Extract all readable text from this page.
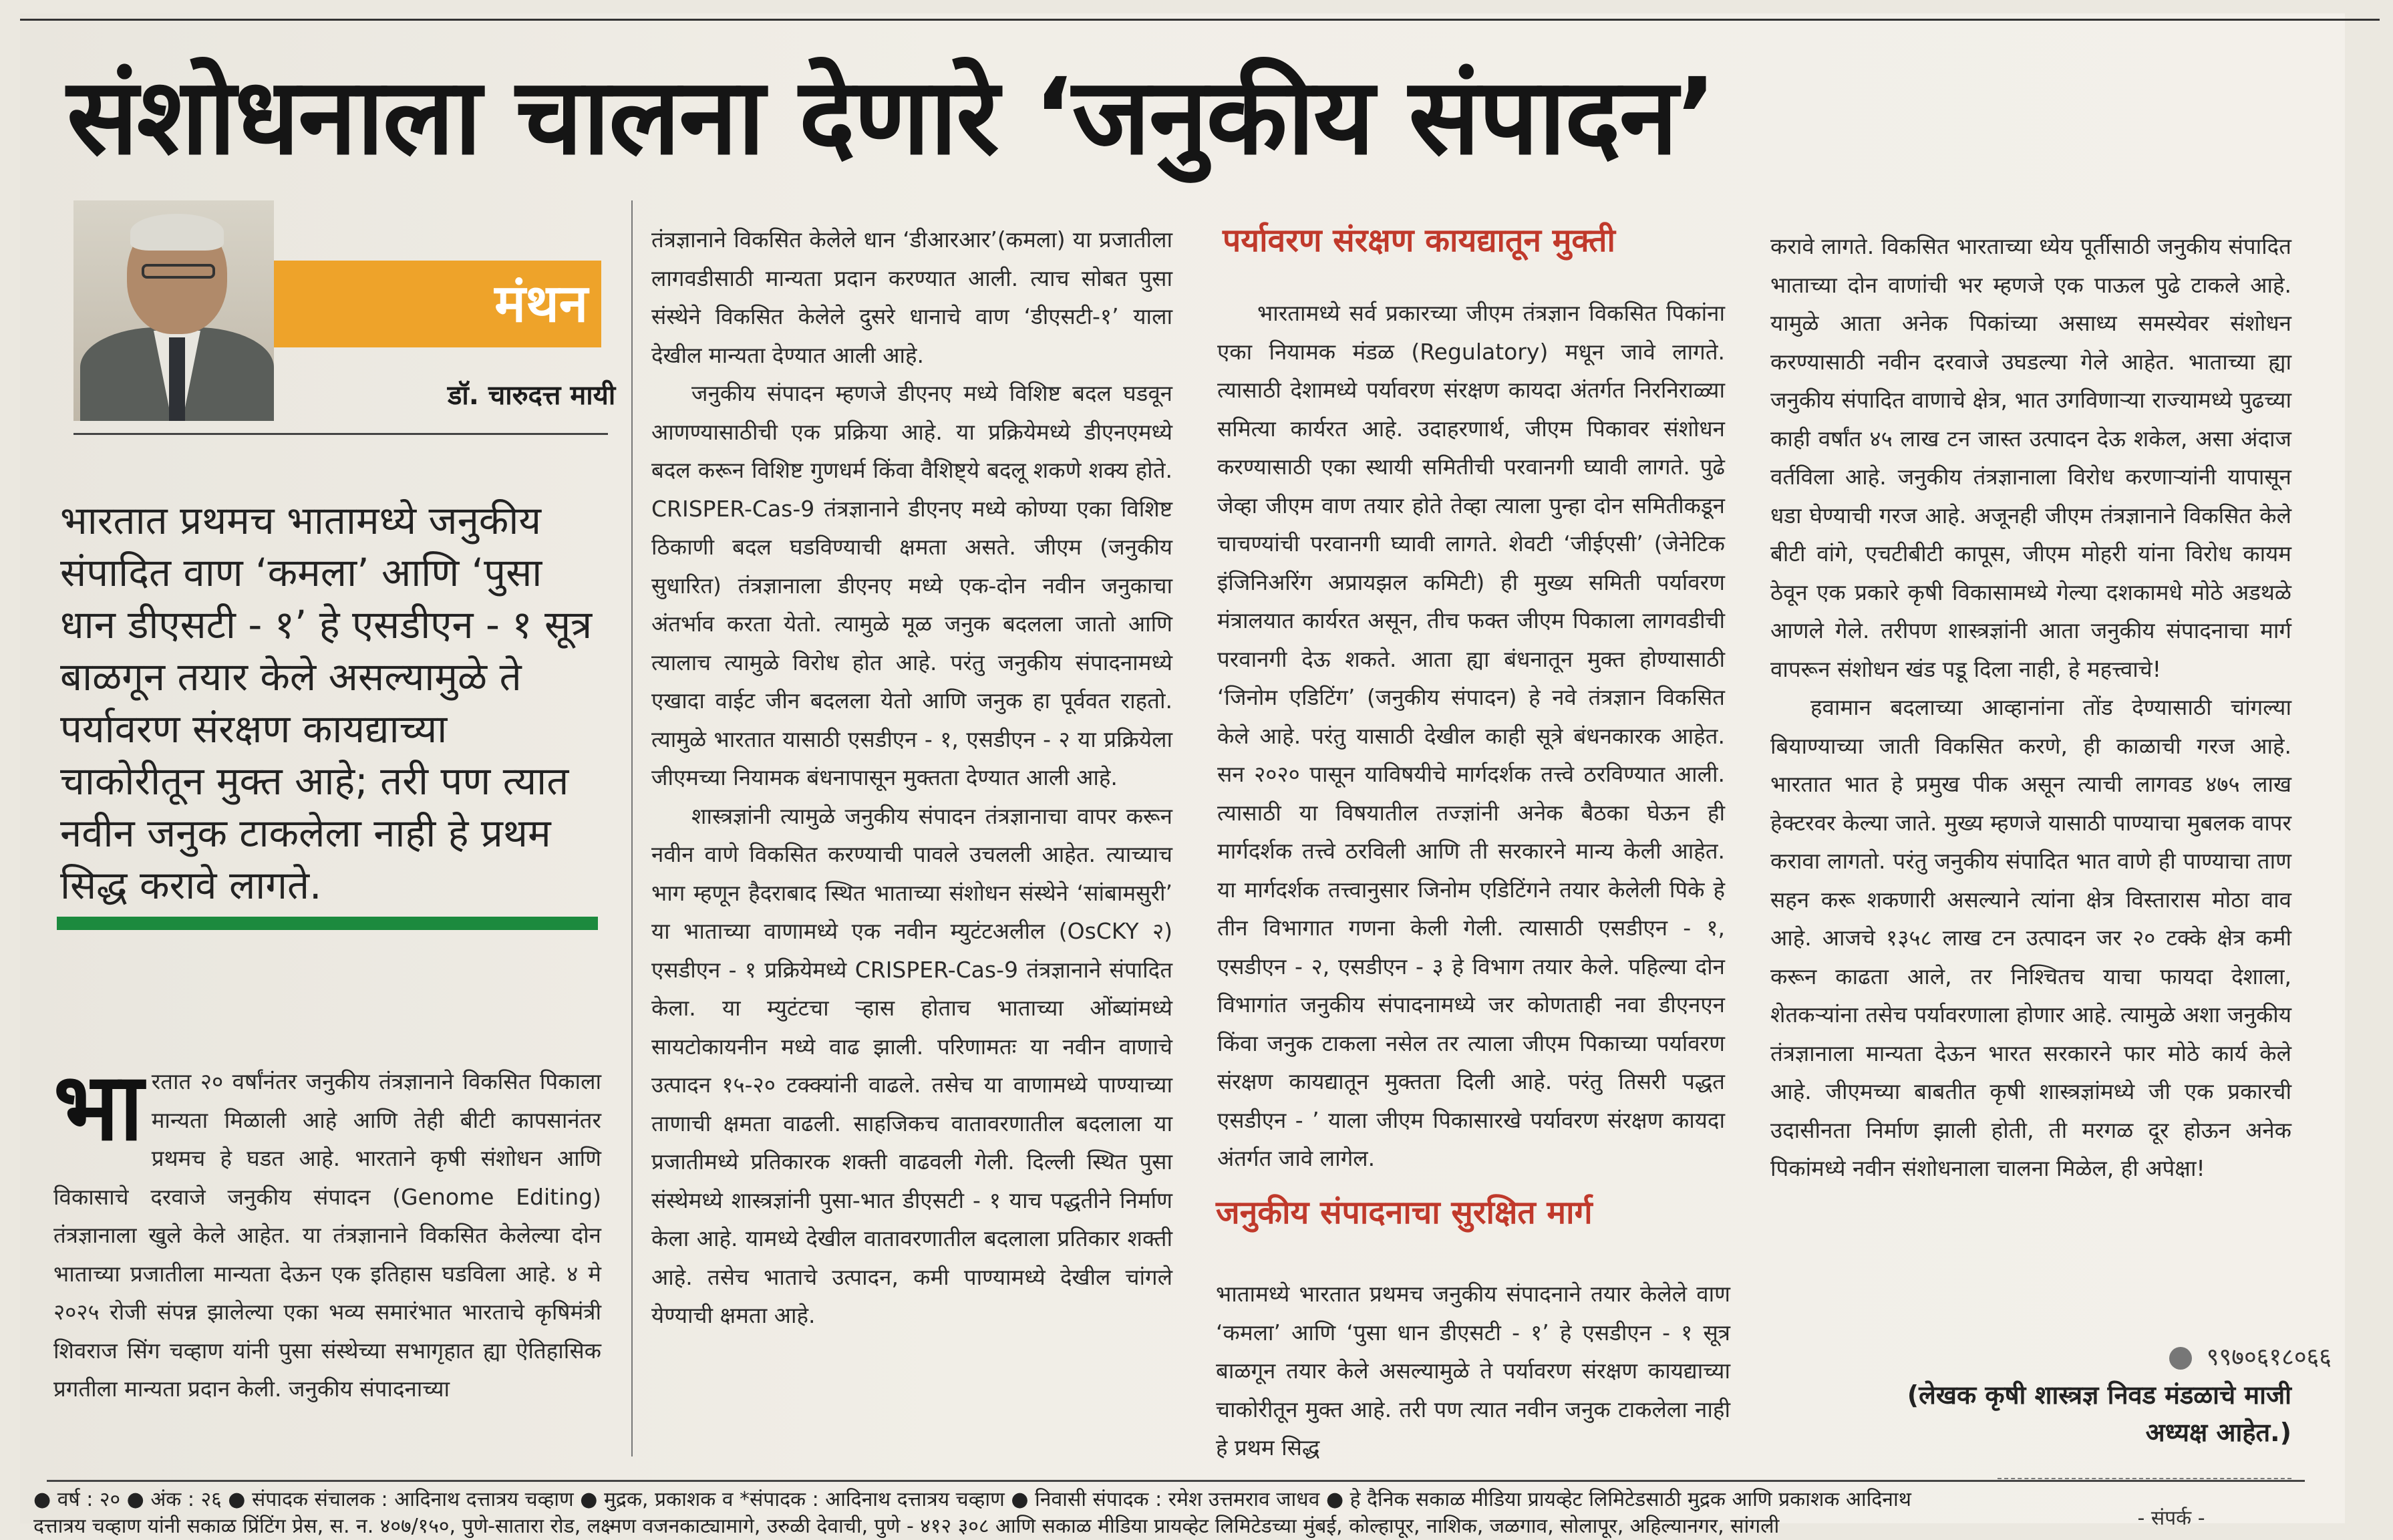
संशोधनाला चालना देणारे ‘जनुकीय संपादन’
मंथन
डॉ. चारुदत्त मायी
भारतात प्रथमच भातामध्ये जनुकीय संपादित वाण ‘कमला’ आणि ‘पुसा धान डीएसटी - १’ हे एसडीएन - १ सूत्र बाळगून तयार केले असल्यामुळे ते पर्यावरण संरक्षण कायद्याच्या चाकोरीतून मुक्त आहे; तरी पण त्यात नवीन जनुक टाकलेला नाही हे प्रथम सिद्ध करावे लागते.
भा रतात २० वर्षांनंतर जनुकीय तंत्रज्ञानाने विकसित पिकाला मान्यता मिळाली आहे आणि तेही बीटी कापसानंतर प्रथमच हे घडत आहे. भारताने कृषी संशोधन आणि विकासाचे दरवाजे जनुकीय संपादन (Genome Editing) तंत्रज्ञानाला खुले केले आहेत. या तंत्रज्ञानाने विकसित केलेल्या दोन भाताच्या प्रजातीला मान्यता देऊन एक इतिहास घडविला आहे. ४ मे २०२५ रोजी संपन्न झालेल्या एका भव्य समारंभात भारताचे कृषिमंत्री शिवराज सिंग चव्हाण यांनी पुसा संस्थेच्या सभागृहात ह्या ऐतिहासिक प्रगतीला मान्यता प्रदान केली. जनुकीय संपादनाच्या

तंत्रज्ञानाने विकसित केलेले धान ‘डीआरआर’(कमला) या प्रजातीला लागवडीसाठी मान्यता प्रदान करण्यात आली. त्याच सोबत पुसा संस्थेने विकसित केलेले दुसरे धानाचे वाण ‘डीएसटी-१’ याला देखील मान्यता देण्यात आली आहे.

जनुकीय संपादन म्हणजे डीएनए मध्ये विशिष्ट बदल घडवून आणण्यासाठीची एक प्रक्रिया आहे. या प्रक्रियेमध्ये डीएनएमध्ये बदल करून विशिष्ट गुणधर्म किंवा वैशिष्ट्ये बदलू शकणे शक्य होते. CRISPER-Cas-9 तंत्रज्ञानाने डीएनए मध्ये कोण्या एका विशिष्ट ठिकाणी बदल घडविण्याची क्षमता असते. जीएम (जनुकीय सुधारित) तंत्रज्ञानाला डीएनए मध्ये एक-दोन नवीन जनुकाचा अंतर्भाव करता येतो. त्यामुळे मूळ जनुक बदलला जातो आणि त्यालाच त्यामुळे विरोध होत आहे. परंतु जनुकीय संपादनामध्ये एखादा वाईट जीन बदलला येतो आणि जनुक हा पूर्ववत राहतो. त्यामुळे भारतात यासाठी एसडीएन - १, एसडीएन - २ या प्रक्रियेला जीएमच्या नियामक बंधनापासून मुक्तता देण्यात आली आहे.

शास्त्रज्ञांनी त्यामुळे जनुकीय संपादन तंत्रज्ञानाचा वापर करून नवीन वाणे विकसित करण्याची पावले उचलली आहेत. त्याच्याच भाग म्हणून हैदराबाद स्थित भाताच्या संशोधन संस्थेने ‘सांबामसुरी’ या भाताच्या वाणामध्ये एक नवीन म्युटंटअलील (OsCKY २) एसडीएन - १ प्रक्रियेमध्ये CRISPER-Cas-9 तंत्रज्ञानाने संपादित केला. या म्युटंटचा ऱ्हास होताच भाताच्या ओंब्यांमध्ये सायटोकायनीन मध्ये वाढ झाली. परिणामतः या नवीन वाणाचे उत्पादन १५-२० टक्क्यांनी वाढले. तसेच या वाणामध्ये पाण्याच्या ताणाची क्षमता वाढली. साहजिकच वातावरणातील बदलाला या प्रजातीमध्ये प्रतिकारक शक्ती वाढवली गेली. दिल्ली स्थित पुसा संस्थेमध्ये शास्त्रज्ञांनी पुसा-भात डीएसटी - १ याच पद्धतीने निर्माण केला आहे. यामध्ये देखील वातावरणातील बदलाला प्रतिकार शक्ती आहे. तसेच भाताचे उत्पादन, कमी पाण्यामध्ये देखील चांगले येण्याची क्षमता आहे.

पर्यावरण संरक्षण कायद्यातून मुक्ती

भारतामध्ये सर्व प्रकारच्या जीएम तंत्रज्ञान विकसित पिकांना एका नियामक मंडळ (Regulatory) मधून जावे लागते. त्यासाठी देशामध्ये पर्यावरण संरक्षण कायदा अंतर्गत निरनिराळ्या समित्या कार्यरत आहे. उदाहरणार्थ, जीएम पिकावर संशोधन करण्यासाठी एका स्थायी समितीची परवानगी घ्यावी लागते. पुढे जेव्हा जीएम वाण तयार होते तेव्हा त्याला पुन्हा दोन समितीकडून चाचण्यांची परवानगी घ्यावी लागते. शेवटी ‘जीईएसी’ (जेनेटिक इंजिनिअरिंग अप्रायझल कमिटी) ही मुख्य समिती पर्यावरण मंत्रालयात कार्यरत असून, तीच फक्त जीएम पिकाला लागवडीची परवानगी देऊ शकते. आता ह्या बंधनातून मुक्त होण्यासाठी ‘जिनोम एडिटिंग’ (जनुकीय संपादन) हे नवे तंत्रज्ञान विकसित केले आहे. परंतु यासाठी देखील काही सूत्रे बंधनकारक आहेत. सन २०२० पासून याविषयीचे मार्गदर्शक तत्त्वे ठरविण्यात आली. त्यासाठी या विषयातील तज्ज्ञांनी अनेक बैठका घेऊन ही मार्गदर्शक तत्त्वे ठरविली आणि ती सरकारने मान्य केली आहेत. या मार्गदर्शक तत्त्वानुसार जिनोम एडिटिंगने तयार केलेली पिके हे तीन विभागात गणना केली गेली. त्यासाठी एसडीएन - १, एसडीएन - २, एसडीएन - ३ हे विभाग तयार केले. पहिल्या दोन विभागांत जनुकीय संपादनामध्ये जर कोणताही नवा डीएनएन किंवा जनुक टाकला नसेल तर त्याला जीएम पिकाच्या पर्यावरण संरक्षण कायद्यातून मुक्तता दिली आहे. परंतु तिसरी पद्धत एसडीएन - ’ याला जीएम पिकासारखे पर्यावरण संरक्षण कायदा अंतर्गत जावे लागेल.

जनुकीय संपादनाचा सुरक्षित मार्ग

भातामध्ये भारतात प्रथमच जनुकीय संपादनाने तयार केलेले वाण ‘कमला’ आणि ‘पुसा धान डीएसटी - १’ हे एसडीएन - १ सूत्र बाळगून तयार केले असल्यामुळे ते पर्यावरण संरक्षण कायद्याच्या चाकोरीतून मुक्त आहे. तरी पण त्यात नवीन जनुक टाकलेला नाही हे प्रथम सिद्ध

करावे लागते. विकसित भारताच्या ध्येय पूर्तीसाठी जनुकीय संपादित भाताच्या दोन वाणांची भर म्हणजे एक पाऊल पुढे टाकले आहे. यामुळे आता अनेक पिकांच्या असाध्य समस्येवर संशोधन करण्यासाठी नवीन दरवाजे उघडल्या गेले आहेत. भाताच्या ह्या जनुकीय संपादित वाणाचे क्षेत्र, भात उगविणाऱ्या राज्यामध्ये पुढच्या काही वर्षांत ४५ लाख टन जास्त उत्पादन देऊ शकेल, असा अंदाज वर्तविला आहे. जनुकीय तंत्रज्ञानाला विरोध करणाऱ्यांनी यापासून धडा घेण्याची गरज आहे. अजूनही जीएम तंत्रज्ञानाने विकसित केले बीटी वांगे, एचटीबीटी कापूस, जीएम मोहरी यांना विरोध कायम ठेवून एक प्रकारे कृषी विकासामध्ये गेल्या दशकामधे मोठे अडथळे आणले गेले. तरीपण शास्त्रज्ञांनी आता जनुकीय संपादनाचा मार्ग वापरून संशोधन खंड पडू दिला नाही, हे महत्त्वाचे!

हवामान बदलाच्या आव्हानांना तोंड देण्यासाठी चांगल्या बियाण्याच्या जाती विकसित करणे, ही काळाची गरज आहे. भारतात भात हे प्रमुख पीक असून त्याची लागवड ४७५ लाख हेक्टरवर केल्या जाते. मुख्य म्हणजे यासाठी पाण्याचा मुबलक वापर करावा लागतो. परंतु जनुकीय संपादित भात वाणे ही पाण्याचा ताण सहन करू शकणारी असल्याने त्यांना क्षेत्र विस्तारास मोठा वाव आहे. आजचे १३५८ लाख टन उत्पादन जर २० टक्के क्षेत्र कमी करून काढता आले, तर निश्चितच याचा फायदा देशाला, शेतकऱ्यांना तसेच पर्यावरणाला होणार आहे. त्यामुळे अशा जनुकीय तंत्रज्ञानाला मान्यता देऊन भारत सरकारने फार मोठे कार्य केले आहे. जीएमच्या बाबतीत कृषी शास्त्रज्ञांमध्ये जी एक प्रकारची उदासीनता निर्माण झाली होती, ती मरगळ दूर होऊन अनेक पिकांमध्ये नवीन संशोधनाला चालना मिळेल, ही अपेक्षा!

९९७०६१८०६६
(लेखक कृषी शास्त्रज्ञ निवड मंडळाचे माजी अध्यक्ष आहेत.)
● वर्ष : २० ● अंक : २६ ● संपादक संचालक : आदिनाथ दत्तात्रय चव्हाण ● मुद्रक, प्रकाशक व *संपादक : आदिनाथ दत्तात्रय चव्हाण ● निवासी संपादक : रमेश उत्तमराव जाधव ● हे दैनिक सकाळ मीडिया प्रायव्हेट लिमिटेडसाठी मुद्रक आणि प्रकाशक आदिनाथ
दत्तात्रय चव्हाण यांनी सकाळ प्रिंटिंग प्रेस, स. न. ४०७/१५०, पुणे-सातारा रोड, लक्ष्मण वजनकाट्यामागे, उरुळी देवाची, पुणे - ४१२ ३०८ आणि सकाळ मीडिया प्रायव्हेट लिमिटेडच्या मुंबई, कोल्हापूर, नाशिक, जळगाव, सोलापूर, अहिल्यानगर, सांगली	- संपर्क -
